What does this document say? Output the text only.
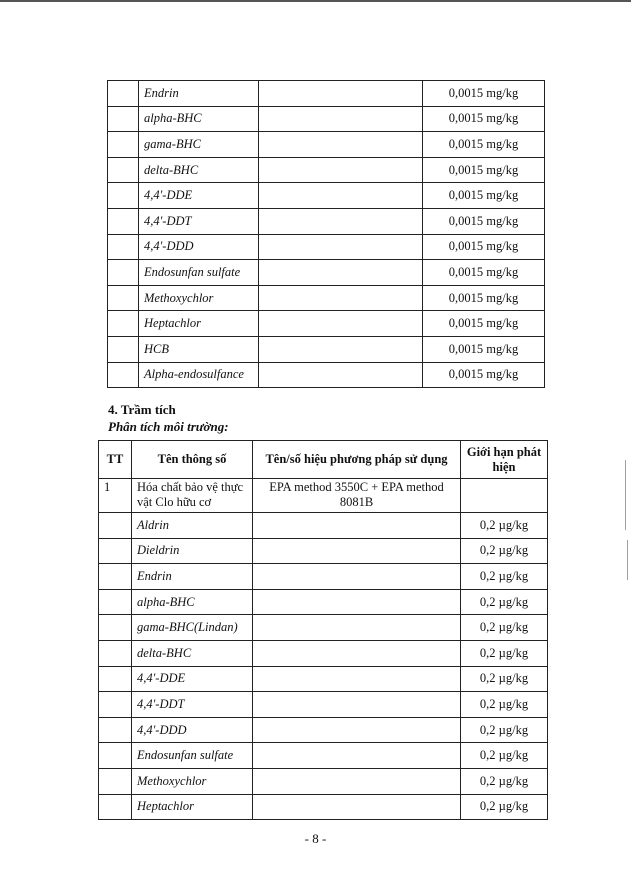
	Endrin		0,0015 mg/kg
	alpha-BHC		0,0015 mg/kg
	gama-BHC		0,0015 mg/kg
	delta-BHC		0,0015 mg/kg
	4,4'-DDE		0,0015 mg/kg
	4,4'-DDT		0,0015 mg/kg
	4,4'-DDD		0,0015 mg/kg
	Endosunfan sulfate		0,0015 mg/kg
	Methoxychlor		0,0015 mg/kg
	Heptachlor		0,0015 mg/kg
	HCB		0,0015 mg/kg
	Alpha-endosulfance		0,0015 mg/kg
4. Trầm tích
Phân tích môi trường:
TT	Tên thông số	Tên/số hiệu phương pháp sử dụng	Giới hạn phát hiện
1	Hóa chất bảo vệ thực vật Clo hữu cơ	EPA method 3550C + EPA method 8081B	
	Aldrin		0,2 µg/kg
	Dieldrin		0,2 µg/kg
	Endrin		0,2 µg/kg
	alpha-BHC		0,2 µg/kg
	gama-BHC(Lindan)		0,2 µg/kg
	delta-BHC		0,2 µg/kg
	4,4'-DDE		0,2 µg/kg
	4,4'-DDT		0,2 µg/kg
	4,4'-DDD		0,2 µg/kg
	Endosunfan sulfate		0,2 µg/kg
	Methoxychlor		0,2 µg/kg
	Heptachlor		0,2 µg/kg
- 8 -
